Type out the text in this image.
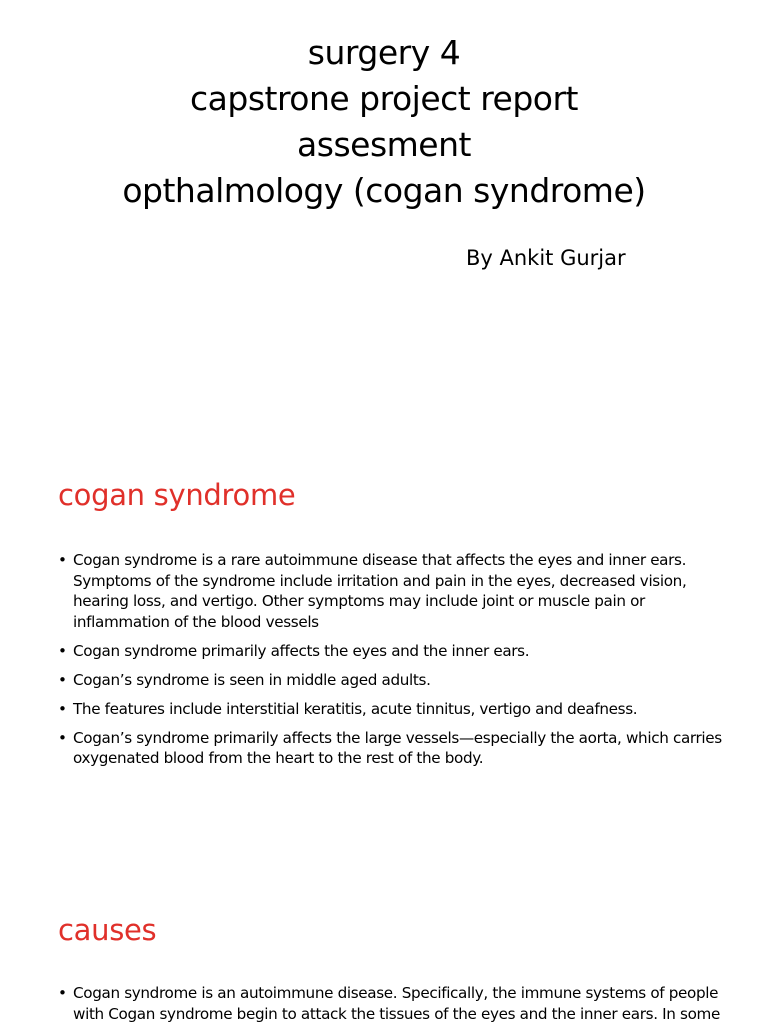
surgery 4
capstrone project report
assesment
opthalmology (cogan syndrome)
By Ankit Gurjar
cogan syndrome
• Cogan syndrome is a rare autoimmune disease that affects the eyes and inner ears. Symptoms of the syndrome include irritation and pain in the eyes, decreased vision, hearing loss, and vertigo. Other symptoms may include joint or muscle pain or inflammation of the blood vessels
• Cogan syndrome primarily affects the eyes and the inner ears.
• Cogan’s syndrome is seen in middle aged adults.
• The features include interstitial keratitis, acute tinnitus, vertigo and deafness.
• Cogan’s syndrome primarily affects the large vessels—especially the aorta, which carries oxygenated blood from the heart to the rest of the body.
causes
• Cogan syndrome is an autoimmune disease. Specifically, the immune systems of people with Cogan syndrome begin to attack the tissues of the eyes and the inner ears. In some
